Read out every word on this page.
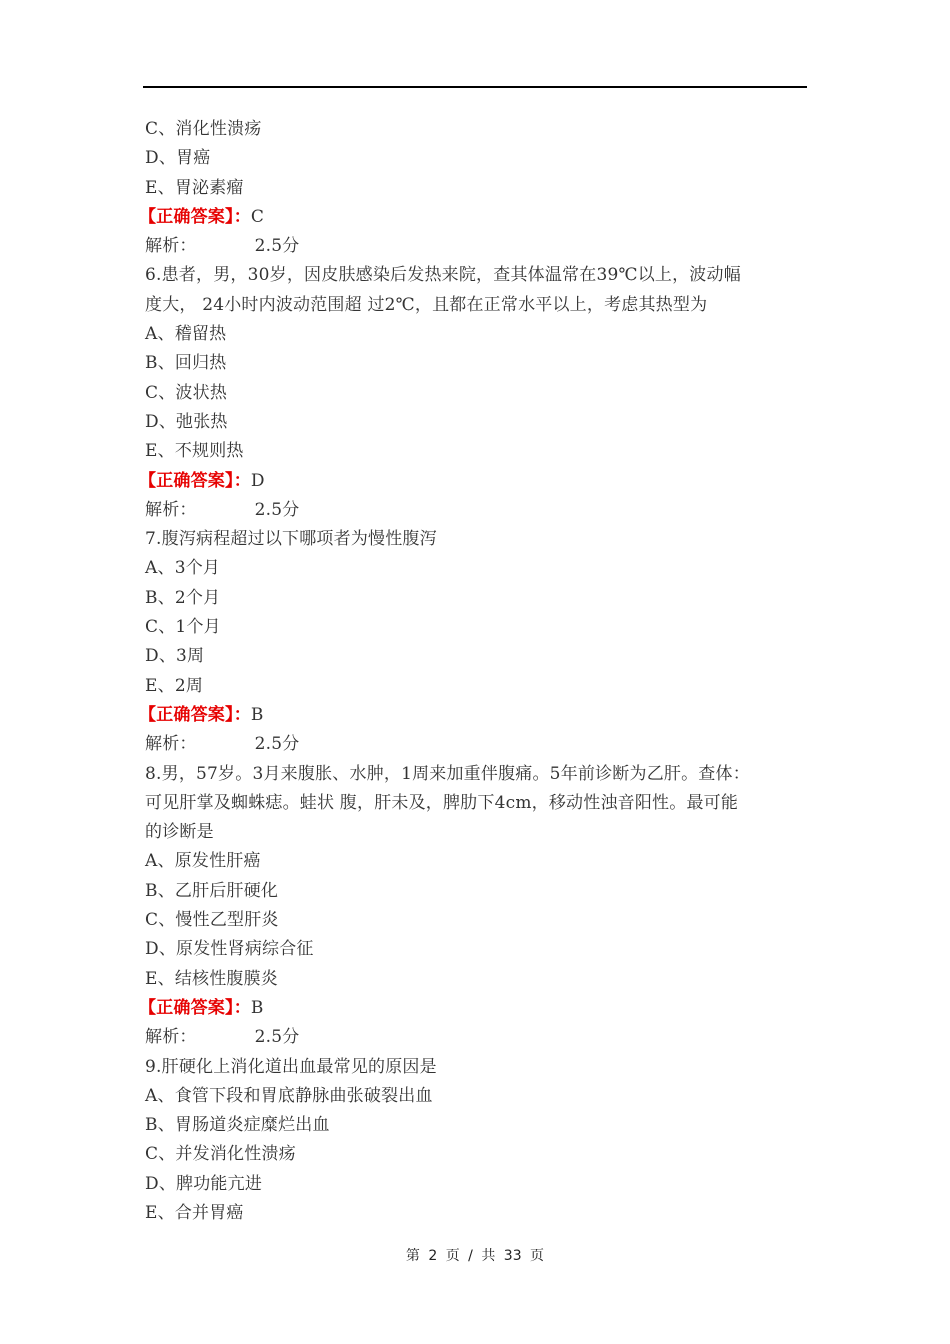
C、消化性溃疡
D、胃癌
E、胃泌素瘤
【正确答案】：C
解析：	2.5分
6.患者，男，30岁，因皮肤感染后发热来院，查其体温常在39℃以上，波动幅
度大， 24小时内波动范围超 过2℃，且都在正常水平以上，考虑其热型为
A、稽留热
B、回归热
C、波状热
D、弛张热
E、不规则热
【正确答案】：D
解析：	2.5分
7.腹泻病程超过以下哪项者为慢性腹泻
A、3个月
B、2个月
C、1个月
D、3周
E、2周
【正确答案】：B
解析：	2.5分
8.男，57岁。3月来腹胀、水肿，1周来加重伴腹痛。5年前诊断为乙肝。查体：
可见肝掌及蜘蛛痣。蛙状 腹，肝未及，脾肋下4cm，移动性浊音阳性。最可能
的诊断是
A、原发性肝癌
B、乙肝后肝硬化
C、慢性乙型肝炎
D、原发性肾病综合征
E、结核性腹膜炎
【正确答案】：B
解析：	2.5分
9.肝硬化上消化道出血最常见的原因是
A、食管下段和胃底静脉曲张破裂出血
B、胃肠道炎症糜烂出血
C、并发消化性溃疡
D、脾功能亢进
E、合并胃癌
第 2 页 / 共 33 页
